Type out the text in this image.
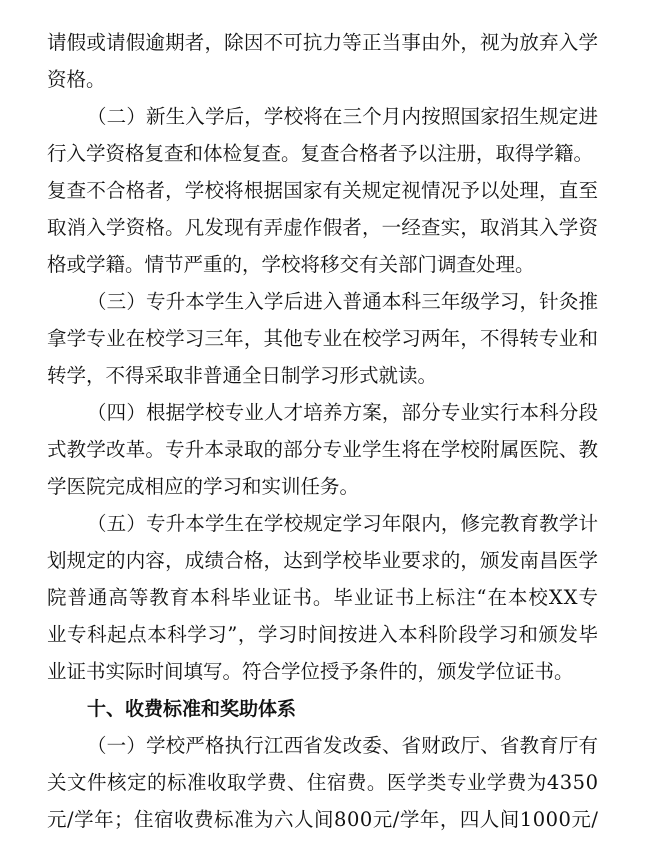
请假或请假逾期者，除因不可抗力等正当事由外，视为放弃入学
资格。
（二）新生入学后，学校将在三个月内按照国家招生规定进
行入学资格复查和体检复查。复查合格者予以注册，取得学籍。
复查不合格者，学校将根据国家有关规定视情况予以处理，直至
取消入学资格。凡发现有弄虚作假者，一经查实，取消其入学资
格或学籍。情节严重的，学校将移交有关部门调查处理。
（三）专升本学生入学后进入普通本科三年级学习，针灸推
拿学专业在校学习三年，其他专业在校学习两年，不得转专业和
转学，不得采取非普通全日制学习形式就读。
（四）根据学校专业人才培养方案，部分专业实行本科分段
式教学改革。专升本录取的部分专业学生将在学校附属医院、教
学医院完成相应的学习和实训任务。
（五）专升本学生在学校规定学习年限内，修完教育教学计
划规定的内容，成绩合格，达到学校毕业要求的，颁发南昌医学
院普通高等教育本科毕业证书。毕业证书上标注“在本校XX专
业专科起点本科学习”，学习时间按进入本科阶段学习和颁发毕
业证书实际时间填写。符合学位授予条件的，颁发学位证书。
十、收费标准和奖助体系
（一）学校严格执行江西省发改委、省财政厅、省教育厅有
关文件核定的标准收取学费、住宿费。医学类专业学费为4350
元/学年；住宿收费标准为六人间800元/学年，四人间1000元/
